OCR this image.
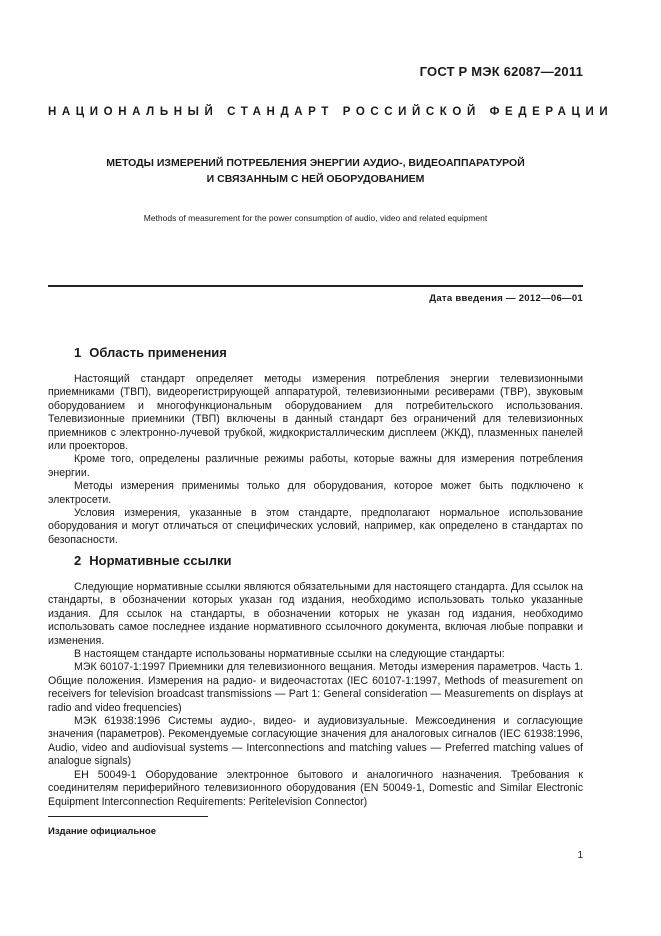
ГОСТ Р МЭК 62087—2011
НАЦИОНАЛЬНЫЙ СТАНДАРТ РОССИЙСКОЙ ФЕДЕРАЦИИ
МЕТОДЫ ИЗМЕРЕНИЙ ПОТРЕБЛЕНИЯ ЭНЕРГИИ АУДИО-, ВИДЕОАППАРАТУРОЙ
И СВЯЗАННЫМ С НЕЙ ОБОРУДОВАНИЕМ
Methods of measurement for the power consumption of audio, video and related equipment
Дата введения — 2012—06—01
1 Область применения

Настоящий стандарт определяет методы измерения потребления энергии телевизионными приемниками (ТВП), видеорегистрирующей аппаратурой, телевизионными ресиверами (ТВР), звуковым оборудованием и многофункциональным оборудованием для потребительского использования. Телевизионные приемники (ТВП) включены в данный стандарт без ограничений для телевизионных приемников с электронно-лучевой трубкой, жидкокристаллическим дисплеем (ЖКД), плазменных панелей или проекторов.

Кроме того, определены различные режимы работы, которые важны для измерения потребления энергии.

Методы измерения применимы только для оборудования, которое может быть подключено к электросети.

Условия измерения, указанные в этом стандарте, предполагают нормальное использование оборудования и могут отличаться от специфических условий, например, как определено в стандартах по безопасности.

2 Нормативные ссылки

Следующие нормативные ссылки являются обязательными для настоящего стандарта. Для ссылок на стандарты, в обозначении которых указан год издания, необходимо использовать только указанные издания. Для ссылок на стандарты, в обозначении которых не указан год издания, необходимо использовать самое последнее издание нормативного ссылочного документа, включая любые поправки и изменения.

В настоящем стандарте использованы нормативные ссылки на следующие стандарты:

МЭК 60107-1:1997 Приемники для телевизионного вещания. Методы измерения параметров. Часть 1. Общие положения. Измерения на радио- и видеочастотах (IEC 60107-1:1997, Methods of measurement on receivers for television broadcast transmissions — Part 1: General consideration — Measurements on displays at radio and video frequencies)

МЭК 61938:1996 Системы аудио-, видео- и аудиовизуальные. Межсоединения и согласующие значения (параметров). Рекомендуемые согласующие значения для аналоговых сигналов (IEC 61938:1996, Audio, video and audiovisual systems — Interconnections and matching values — Preferred matching values of analogue signals)

ЕН 50049-1 Оборудование электронное бытового и аналогичного назначения. Требования к соединителям периферийного телевизионного оборудования (EN 50049-1, Domestic and Similar Electronic Equipment Interconnection Requirements: Peritelevision Connector)

Издание официальное
1
